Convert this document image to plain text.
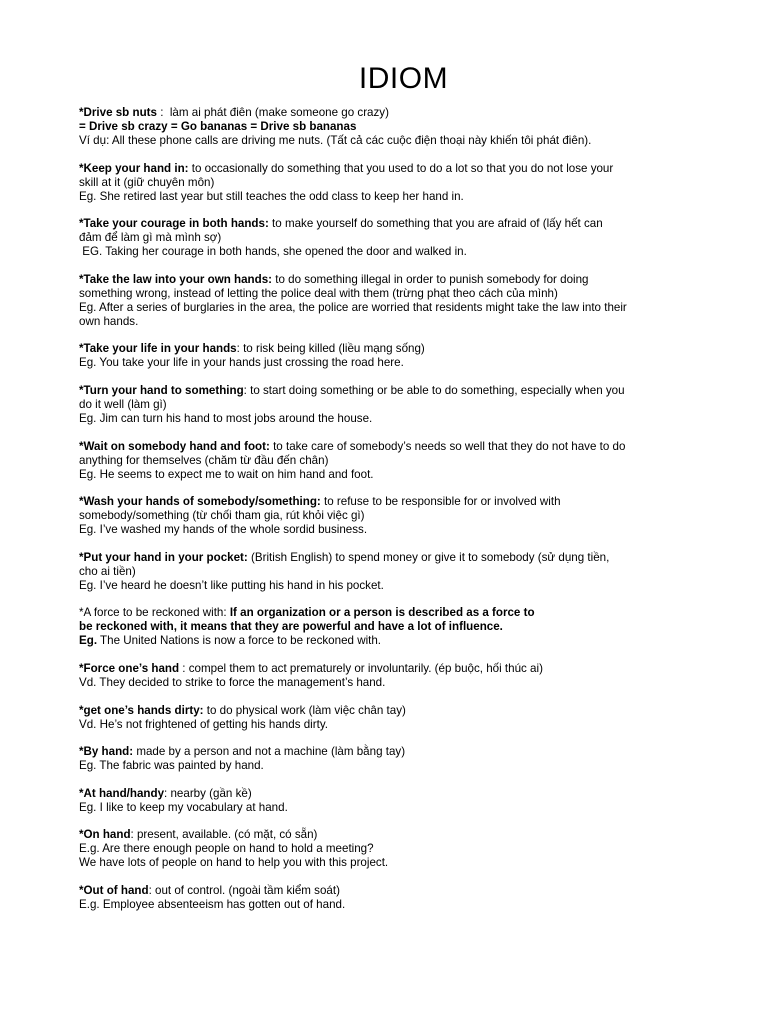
IDIOM

*Drive sb nuts :  làm ai phát điên (make someone go crazy)

= Drive sb crazy = Go bananas = Drive sb bananas

Ví dụ: All these phone calls are driving me nuts. (Tất cả các cuộc điện thoại này khiến tôi phát điên).

*Keep your hand in: to occasionally do something that you used to do a lot so that you do not lose your

skill at it (giữ chuyên môn)

Eg. She retired last year but still teaches the odd class to keep her hand in.

*Take your courage in both hands: to make yourself do something that you are afraid of (lấy hết can

đảm để làm gì mà mình sợ)

EG. Taking her courage in both hands, she opened the door and walked in.

*Take the law into your own hands: to do something illegal in order to punish somebody for doing

something wrong, instead of letting the police deal with them (trừng phạt theo cách của mình)

Eg. After a series of burglaries in the area, the police are worried that residents might take the law into their

own hands.

*Take your life in your hands: to risk being killed (liều mạng sống)

Eg. You take your life in your hands just crossing the road here.

*Turn your hand to something: to start doing something or be able to do something, especially when you

do it well (làm gì)

Eg. Jim can turn his hand to most jobs around the house.

*Wait on somebody hand and foot: to take care of somebody’s needs so well that they do not have to do

anything for themselves (chăm từ đầu đến chân)

Eg. He seems to expect me to wait on him hand and foot.

*Wash your hands of somebody/something: to refuse to be responsible for or involved with

somebody/something (từ chối tham gia, rút khỏi việc gì)

Eg. I’ve washed my hands of the whole sordid business.

*Put your hand in your pocket: (British English) to spend money or give it to somebody (sử dụng tiền,

cho ai tiền)

Eg. I’ve heard he doesn’t like putting his hand in his pocket.

*A force to be reckoned with: If an organization or a person is described as a force to

be reckoned with, it means that they are powerful and have a lot of influence.

Eg. The United Nations is now a force to be reckoned with.

*Force one’s hand : compel them to act prematurely or involuntarily. (ép buộc, hối thúc ai)

Vd. They decided to strike to force the management’s hand.

*get one’s hands dirty: to do physical work (làm việc chân tay)

Vd. He’s not frightened of getting his hands dirty.

*By hand: made by a person and not a machine (làm bằng tay)

Eg. The fabric was painted by hand.

*At hand/handy: nearby (gần kề)

Eg. I like to keep my vocabulary at hand.

*On hand: present, available. (có mặt, có sẵn)

E.g. Are there enough people on hand to hold a meeting?

We have lots of people on hand to help you with this project.

*Out of hand: out of control. (ngoài tầm kiểm soát)

E.g. Employee absenteeism has gotten out of hand.
